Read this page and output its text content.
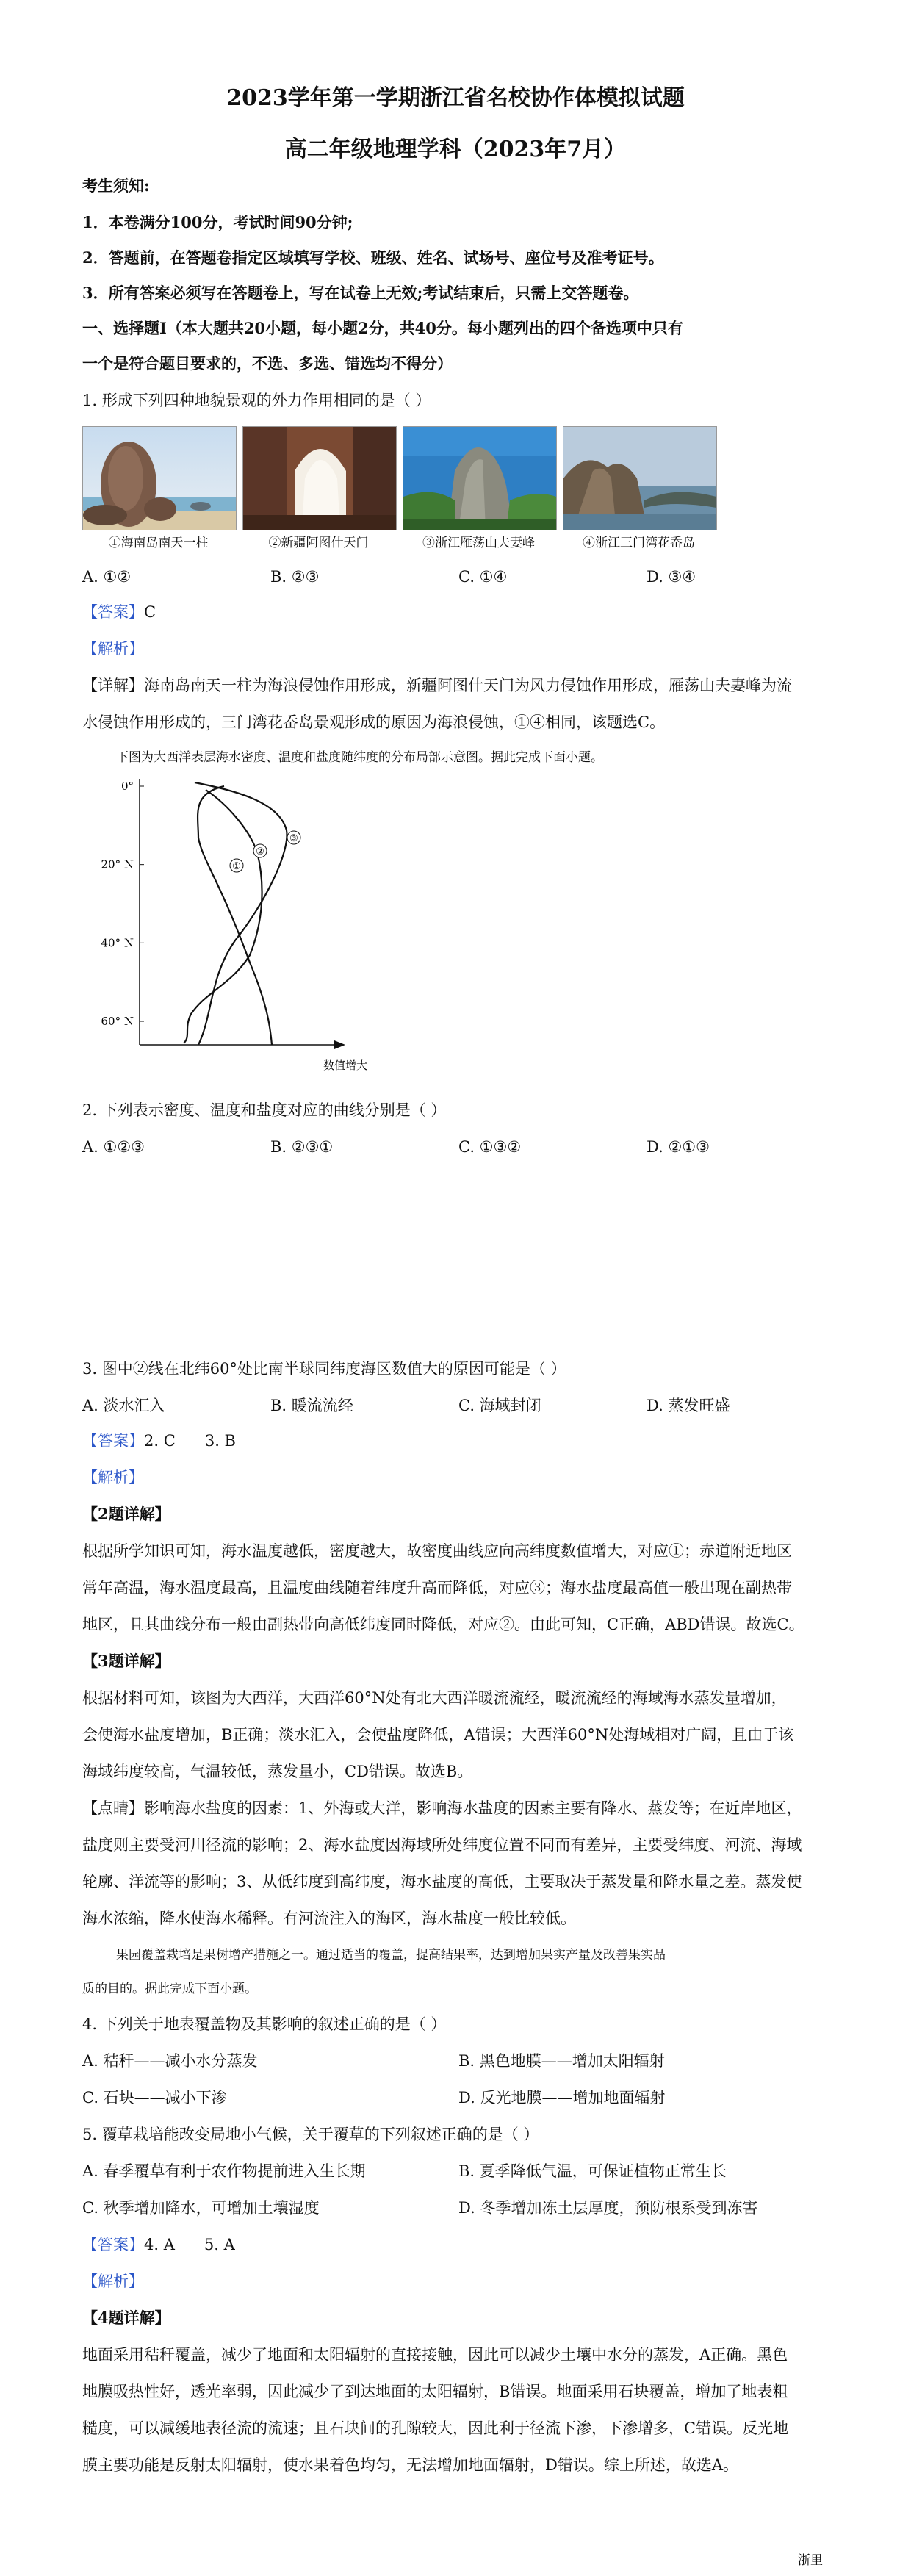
2023学年第一学期浙江省名校协作体模拟试题
高二年级地理学科（2023年7月）
考生须知:
1．本卷满分100分，考试时间90分钟;
2．答题前，在答题卷指定区域填写学校、班级、姓名、试场号、座位号及准考证号。
3．所有答案必须写在答题卷上，写在试卷上无效;考试结束后，只需上交答题卷。
一、选择题Ⅰ（本大题共20小题，每小题2分，共40分。每小题列出的四个备选项中只有
一个是符合题目要求的，不选、多选、错选均不得分）
1. 形成下列四种地貌景观的外力作用相同的是（ ）
①海南岛南天一柱	②新疆阿图什天门	③浙江雁荡山夫妻峰	④浙江三门湾花岙岛
A. ①②	B. ②③	C. ①④	D. ③④
【答案】C
【解析】
【详解】海南岛南天一柱为海浪侵蚀作用形成，新疆阿图什天门为风力侵蚀作用形成，雁荡山夫妻峰为流
水侵蚀作用形成的，三门湾花岙岛景观形成的原因为海浪侵蚀，①④相同，该题选C。
下图为大西洋表层海水密度、温度和盐度随纬度的分布局部示意图。据此完成下面小题。
0°
20° N
40° N
60° N
数值增大
①
②
③
2. 下列表示密度、温度和盐度对应的曲线分别是（ ）
A. ①②③	B. ②③①	C. ①③②	D. ②①③
3. 图中②线在北纬60°处比南半球同纬度海区数值大的原因可能是（ ）
A. 淡水汇入	B. 暖流流经	C. 海域封闭	D. 蒸发旺盛
【答案】2. C      3. B
【解析】
【2题详解】
根据所学知识可知，海水温度越低，密度越大，故密度曲线应向高纬度数值增大，对应①；赤道附近地区
常年高温，海水温度最高，且温度曲线随着纬度升高而降低，对应③；海水盐度最高值一般出现在副热带
地区，且其曲线分布一般由副热带向高低纬度同时降低，对应②。由此可知，C正确，ABD错误。故选C。
【3题详解】
根据材料可知，该图为大西洋，大西洋60°N处有北大西洋暖流流经，暖流流经的海域海水蒸发量增加，
会使海水盐度增加，B正确；淡水汇入，会使盐度降低，A错误；大西洋60°N处海域相对广阔，且由于该
海域纬度较高，气温较低，蒸发量小，CD错误。故选B。
【点睛】影响海水盐度的因素：1、外海或大洋，影响海水盐度的因素主要有降水、蒸发等；在近岸地区，
盐度则主要受河川径流的影响；2、海水盐度因海域所处纬度位置不同而有差异，主要受纬度、河流、海域
轮廓、洋流等的影响；3、从低纬度到高纬度，海水盐度的高低，主要取决于蒸发量和降水量之差。蒸发使
海水浓缩，降水使海水稀释。有河流注入的海区，海水盐度一般比较低。
果园覆盖栽培是果树增产措施之一。通过适当的覆盖，提高结果率，达到增加果实产量及改善果实品
质的目的。据此完成下面小题。
4. 下列关于地表覆盖物及其影响的叙述正确的是（ ）
A. 秸秆——减小水分蒸发	B. 黑色地膜——增加太阳辐射
C. 石块——减小下渗	D. 反光地膜——增加地面辐射
5. 覆草栽培能改变局地小气候，关于覆草的下列叙述正确的是（ ）
A. 春季覆草有利于农作物提前进入生长期	B. 夏季降低气温，可保证植物正常生长
C. 秋季增加降水，可增加土壤湿度	D. 冬季增加冻土层厚度，预防根系受到冻害
【答案】4. A      5. A
【解析】
【4题详解】
地面采用秸秆覆盖，减少了地面和太阳辐射的直接接触，因此可以减少土壤中水分的蒸发，A正确。黑色
地膜吸热性好，透光率弱，因此减少了到达地面的太阳辐射，B错误。地面采用石块覆盖，增加了地表粗
糙度，可以减缓地表径流的流速；且石块间的孔隙较大，因此利于径流下渗，下渗增多，C错误。反光地
膜主要功能是反射太阳辐射，使水果着色均匀，无法增加地面辐射，D错误。综上所述，故选A。
浙里
